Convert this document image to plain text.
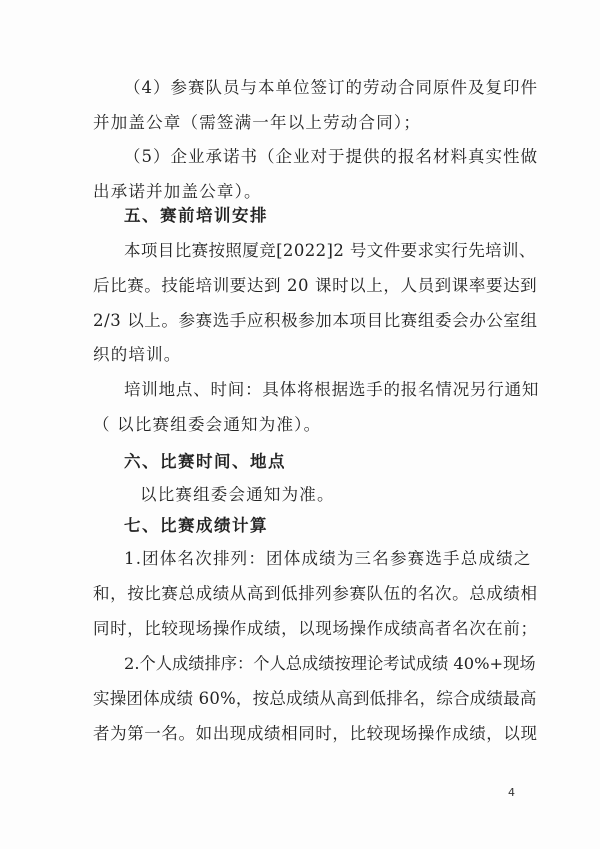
（4）参赛队员与本单位签订的劳动合同原件及复印件
并加盖公章（需签满一年以上劳动合同）；
（5）企业承诺书（企业对于提供的报名材料真实性做
出承诺并加盖公章）。
五、赛前培训安排
本项目比赛按照厦竞[2022]2 号文件要求实行先培训、
后比赛。技能培训要达到 20 课时以上，人员到课率要达到
2/3 以上。参赛选手应积极参加本项目比赛组委会办公室组
织的培训。
培训地点、时间：具体将根据选手的报名情况另行通知
（ 以比赛组委会通知为准）。
六、比赛时间、地点
以比赛组委会通知为准。
七、比赛成绩计算
1.团体名次排列：团体成绩为三名参赛选手总成绩之
和，按比赛总成绩从高到低排列参赛队伍的名次。总成绩相
同时，比较现场操作成绩，以现场操作成绩高者名次在前；
2.个人成绩排序：个人总成绩按理论考试成绩 40%+现场
实操团体成绩 60%，按总成绩从高到低排名，综合成绩最高
者为第一名。如出现成绩相同时，比较现场操作成绩，以现
4
